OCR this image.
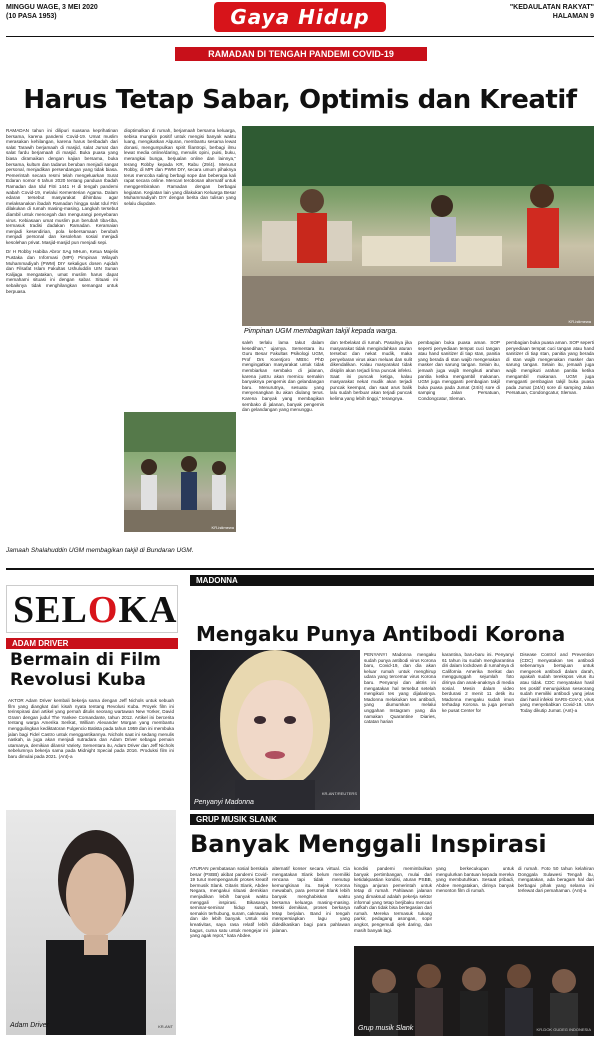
MINGGU WAGE, 3 MEI 2020
(10 PASA 1953)	Gaya Hidup	"KEDAULATAN RAKYAT"
HALAMAN 9
RAMADAN DI TENGAH PANDEMI COVID-19
Harus Tetap Sabar, Optimis dan Kreatif

RAMADAN tahun ini dilipuri suasana keprihatinan bersama, karena pandemi Covid-19. Umat muslim merasakan kehilangan, karena harus beribadah dari salat Tarawih berjamaah di masjid, salat Jumat dan salat fardu berjamaah di masjid. Buka puasa yang biasa diramaikan dengan kajian bersama, buka bersama, kultum dan tadarus beruban menjadi sangat personal, menjadikan persendangan yang tidak biasa. Pemerintah secara resmi telah mengeluarkan Surat Edaran nomor 6 tahun 2020 tentang panduan Ibadah Ramadan dan Idul Fitri 1441 H di tengah pandemi wabah Covid-19, melalui Kementerian Agama. Dalam edaran tersebut masyarakat dihimbau agar melaksanakan ibadah Ramadan hingga salat Idul Fitri dilakukan di rumah masing-masing. Langkah tersebut diambil untuk mencegah dan mengurangi penyebaran virus. Kebiasaan umat muslim pun berubah tiba-tiba, termasuk tradisi dadakan Ramadan. Keramaian menjadi kesendirian, pola kebersamaan berubah menjadi personal dan kesolehan sosial menjadi kesolehan privat. Masjid-masjid pun menjadi sepi.

Dr H Robby Habiba Abror SAg MHum, Ketua Majelis Pustaka dan Informasi (MPI) Pimpinan Wilayah Muhammadiyah (PWM) DIY sekaligus dosen Aqidah dan Filsafat Islam Fakultas Ushuluddin UIN Sunan Kalijaga mengatakan, umat muslim harus dapat memahami situasi ini dengan sabar. Situasi ini sebaiknya tidak menghilangkan semangat untuk berpuasa.

dioptimalkan di rumah, berjamaah bersama keluarga, sebisa mungkin positif untuk mengisi banyak waktu luang, mengikatkan Alquran, membantu sesama lewat donasi, mengumpulkan spirit filantropi, berbagi ilmu lewat media online/daring, menulis opini, puisi, buku, merangkai bunga, berjualan online dan lainnya," terang Robby kepada KR, Rabu (29/4). Menurut Robby, di MPI dan PWM DIY, secara umum pihaknya terus mencoba saling berbagi sope dan beberapa kali rapat secara online. Mencari terobosan alternatif untuk menggembirakan Ramadan dengan berbagai kegiatan. Kegiatan lain yang dilakukan Keluarga Besar Muhammadiyah DIY dengan berita dan tulisan yang selalu diupdate.

KR-istimewa
Pimpinan UGM membagikan takjil kepada warga.
KR-istimewa
Jamaah Shalahuddin UGM membagikan takjil di Bundaran UGM.

saleh terlalu lama takut dalam kesedihan," ujarnya. Sementara itu Guru Besar Fakultas Psikologi UGM, Prof Drs Koentjoro MBSc PhD mengingatkan masyarakat untuk tidak membiarkan sembako di jalanan, karena justru akan memicu semakin banyaknya pengemis dan gelandangan baru. Menurutnya, sesuatu yang menyenangkan itu akan diulang terus. Karena banyak yang membagikan sembako di jalanan, banyak pengemis dan gelandangan yang menunggu.

dan terbelakat di rumah. Pasalnya jika masyarakat tidak mengindahkan aturan tersebut dan nekat mudik, maka penyebaran virus akan meluas dan sulit dikendalikan. Kalau masyarakat tidak disiplin akan terjadi lima puncak infeksi. Saat ini puncak ketiga, kalau masyarakat nekat mudik akan terjadi puncak keempat, dan saat arus balik lalu sudah berbuar akan terjadi puncak kelima yang lebih tinggi," terangnya.

pembagian buka puasa aman. SOP seperti penyediaan tempat cuci tangan atau hand sanitizer di tiap stan, panitia yang berada di stan wajib mengenakan masker dan sarung tangan. Selain itu, jemaah juga wajib mengikuti arahan panitia ketika mengambil makanan. UGM juga mengganti pembagian takjil buka puasa pada Jumat (24/4) sore di samping Jalan Persatuan, Condongcatur, Sleman.

pembagian buka puasa aman. SOP seperti penyediaan tempat cuci tangan atau hand sanitizer di tiap stan, panitia yang berada di stan wajib mengenakan masker dan sarung tangan. Selain itu, jemaah juga wajib mengikuti arahan panitia ketika mengambil makanan. UGM juga mengganti pembagian takjil buka puasa pada Jumat (24/4) sore di samping Jalan Persatuan, Condongcatur, Sleman.

SELOKA
ADAM DRIVER
Bermain di Film Revolusi Kuba

AKTOR Adam Driver kembali bekerja sama dengan Jeff Nichols untuk sebuah film yang diangkat dari kisah nyata tentang Revolusi Kuba. Proyek film ini terinspirasi dari artikel yang pernah ditulis seorang wartawan New Yorker, David Grann dengan judul The Yankee Comandante, tahun 2012. Artikel ini bercerita tentang warga Amerika Serikat, William Alexander Morgan yang membantu menggulingkan kediktatoran Fulgencio Batista pada tahun 1959 dan ini membuka jalan bagi Fidel Castro untuk menggantikannya. Nichols saat ini sedang menulis naskah, ia juga akan menjadi sutradara dan Adam Driver sebagai pemain utamanya, demikian dilansir Variety. Sementara itu, Adam Driver dan Jeff Nichols sebelumnya bekerja sama pada Midnight Special pada 2016. Produksi film ini baru dimulai pada 2021. (Ant)-a

MADONNA
Mengaku Punya Antibodi Korona
Penyanyi Madonna
KR-ANT/REUTERS

PENYANYI Madonna mengaku sudah punya antibodi virus Korona baru, Covid-19, dan dia akan keluar rumah untuk menghirup udara yang tercemar virus Korona baru. Penyanyi dan aktris ini mengatakan hal tersebut setelah mengikuti tes yang dijalaninya. Madonna melakukan tes antibodi, yang diumumkan melalui unggahan Instagram yang dia namakan Quarantine Diaries, catatan harian

karantina, baru-baru ini. Penyanyi 61 tahun itu sudah mengkarantina diri dalam lockdown di rumahnya di California Amerika Serikat dan menggunggah sejumlah foto dirinya dan anak-anaknya di media sosial. Mesin dalam video berdurasi 2 menit 11 detik itu Madonna mengaku sudah imun terhadap Korona. Ia juga pernah ke pusat Center for

Disease Control and Prevention (CDC) menyatakan tes antibodi sebenarnya bertujuan untuk mengecek antibodi dalam darah, apakah sudah terekspos virus itu atau tidak. CDC menyatakan hasil tes positif menunjukkan seseorang sudah memiliki antibodi yang jelas dari hasil infeksi SARS-CoV-2, virus yang menyebabkan Covid-19. USA Today dikutip Jumat. (Ant)-a

GRUP MUSIK SLANK
Banyak Menggali Inspirasi
Adam Driver	KR-ANT

ATURAN pembatasan sosial berskala besar (PSBB) akibat pandemi Covid-19 turut mempengaruhi proses kreatif bermusik Slank. Gitaris Slank, Abdee Negara, mengakui situasi demikian menjadikan lebih banyak waktu menggali inspirasi. Bikasanya seminar-seminar hidup susah, semakin terhubung, suram, cakrawala dan ide lebih banyak. Untuk sisi kreativitas, saya rasa relatif lebih bagus, cuma satu untuk mengejar ini yang agak repot," kata Abdee.

alternatif konser secara virtual. Cia mengatakan Slank belum memiliki rencana tapi tidak menutup kemungkinan itu. Sejak Korona mewabah, para personel Slank lebih banyak menghabiskan waktu bersama keluarga masing-masing. Meski demikian, proses berkarya tetap berjalan. Band ini tengah mempersiapkan lagu yang didedikasikan bagi para pahlawan jalanan.

kondisi pandemi memimbulkan banyak pertimbangan, mulai dari ketidakpastian kondisi, aturan PSBB, hingga anjuran pemerintah untuk tetap di rumah. Pahlawan jalanan yang dimaksud adalah pekerja sektor informal yang tetap berjibaku mencari nafkah dan tidak bisa bertegasian dari rumah. Mereka termasuk tukang parkir, pedagang asongan, sopir angkot, pengemudi ojek daring, dan masih banyak lagi.

yang berkecukupan untuk mengulurkan bantuan kepada mereka yang membutuhkan. Sesaat pribadi, Abdee mengatakan, dirinya banyak menonton film di rumah.

di rumah. Foto 50 tahun kelahiran Donggala Sulawesi Tengah itu, mengatakan, ada beragam hal dari berbagai pihak yang selama ini terlewat dari pemahaman. (Ant)-a

Grup musik Slank	KR-DOK GUDEG INDONESIA
